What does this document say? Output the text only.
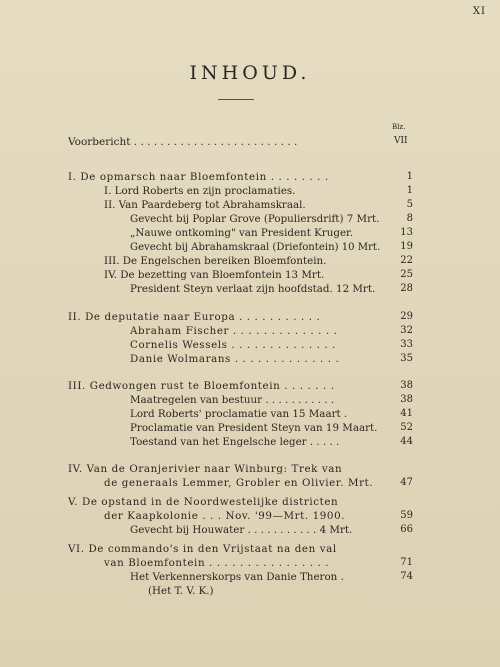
XI
INHOUD.
Blz.
Voorbericht . . . . . . . . . . . . . . . . . . . . . . . . .	VII
I. De opmarsch naar Bloemfontein . . . . . . . .	1
I. Lord Roberts en zijn proclamaties.	1
II. Van Paardeberg tot Abrahamskraal.	5
Gevecht bij Poplar Grove (Populiersdrift) 7 Mrt.	8
„Nauwe ontkoming" van President Kruger.	13
Gevecht bij Abrahamskraal (Driefontein) 10 Mrt.	19
III. De Engelschen bereiken Bloemfontein.	22
IV. De bezetting van Bloemfontein 13 Mrt.	25
President Steyn verlaat zijn hoofdstad. 12 Mrt.	28
II. De deputatie naar Europa . . . . . . . . . . .	29
Abraham Fischer . . . . . . . . . . . . . .	32
Cornelis Wessels . . . . . . . . . . . . . .	33
Danie Wolmarans . . . . . . . . . . . . . .	35
III. Gedwongen rust te Bloemfontein . . . . . . .	38
Maatregelen van bestuur . . . . . . . . . . .	38
Lord Roberts' proclamatie van 15 Maart .	41
Proclamatie van President Steyn van 19 Maart.	52
Toestand van het Engelsche leger . . . . .	44
IV. Van de Oranjerivier naar Winburg: Trek van
de generaals Lemmer, Grobler en Olivier. Mrt.	47
V. De opstand in de Noordwestelijke districten
der Kaapkolonie . . . Nov. '99—Mrt. 1900.	59
Gevecht bij Houwater . . . . . . . . . . . 4 Mrt.	66
VI. De commando's in den Vrijstaat na den val
van Bloemfontein . . . . . . . . . . . . . . . .	71
Het Verkennerskorps van Danie Theron .	74
(Het T. V. K.)
